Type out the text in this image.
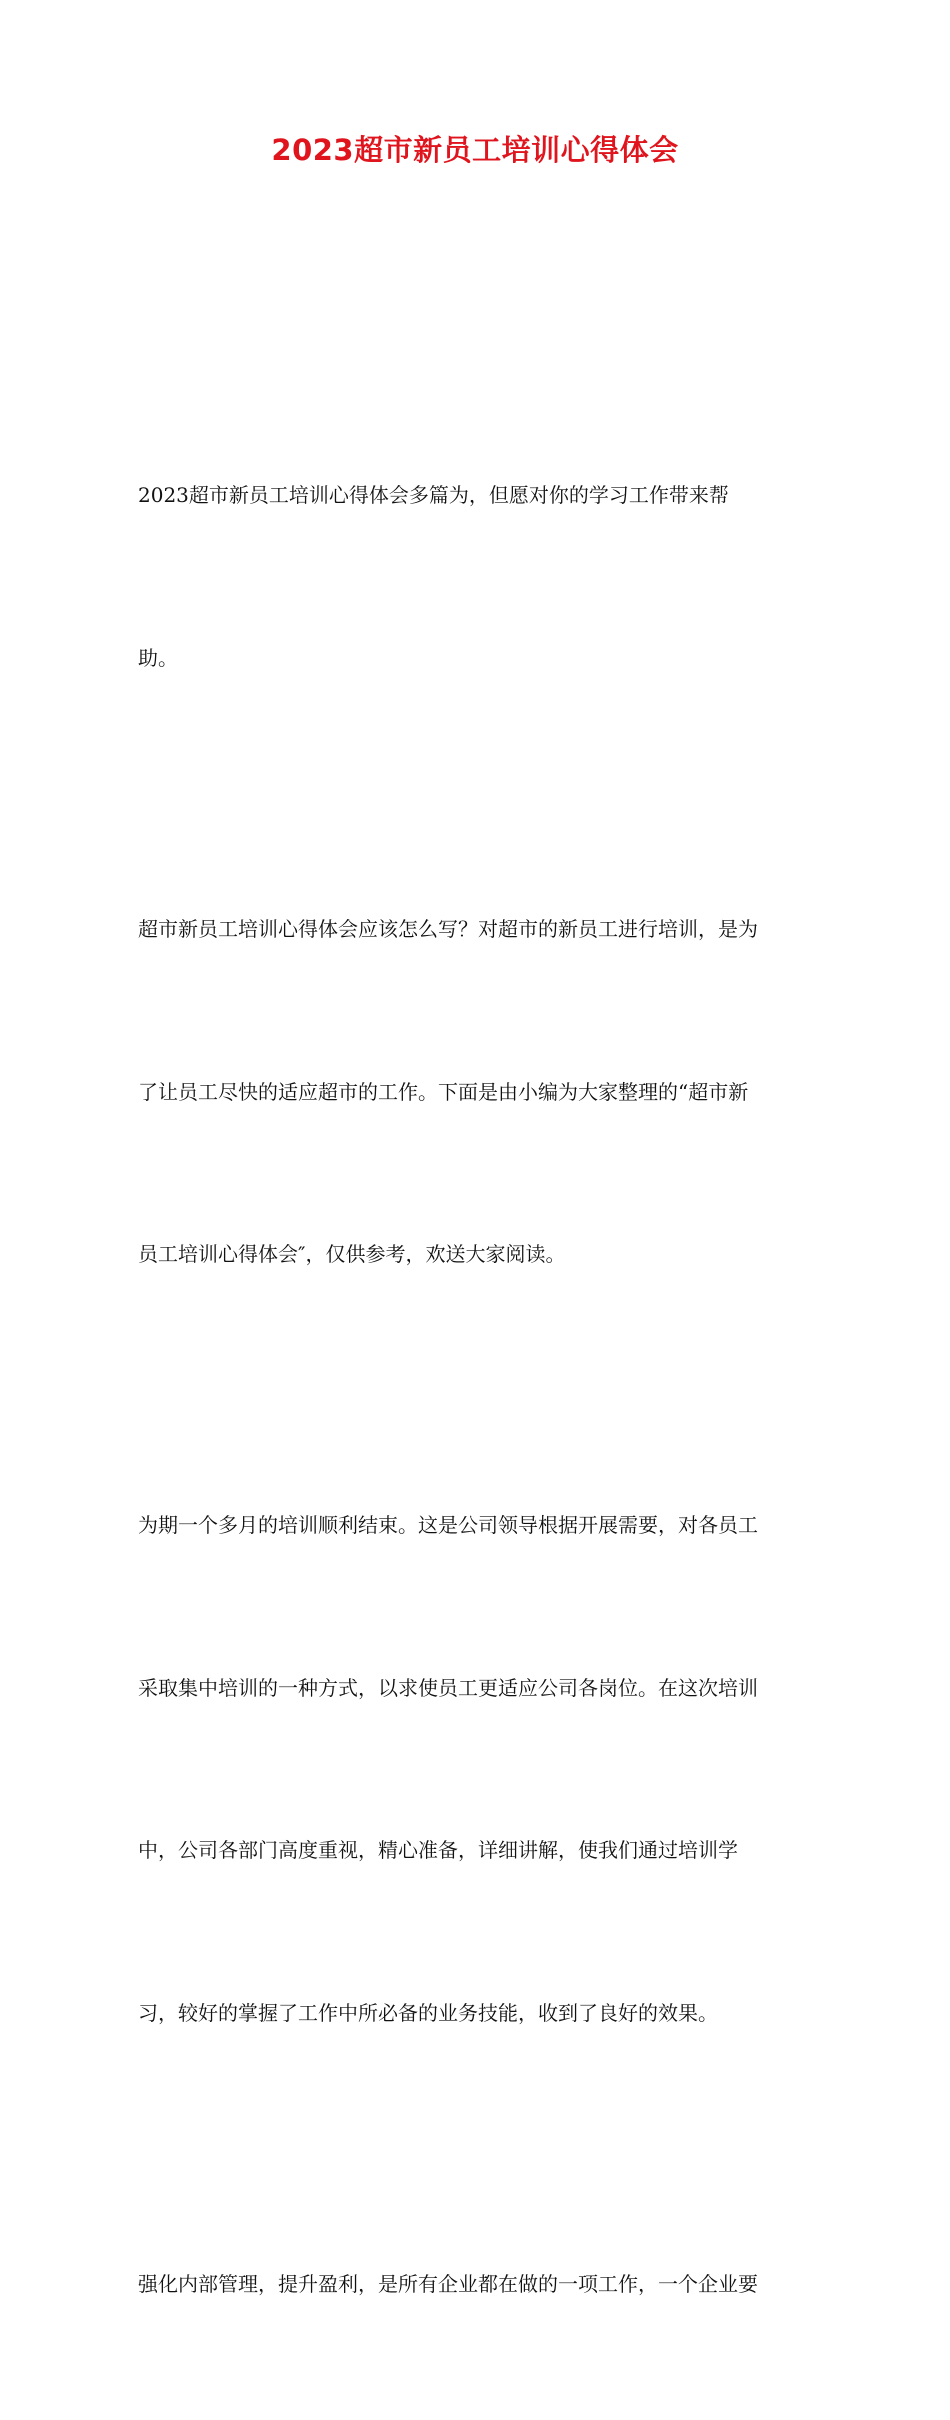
2023超市新员工培训心得体会

2023超市新员工培训心得体会多篇为，但愿对你的学习工作带来帮

助。

超市新员工培训心得体会应该怎么写？对超市的新员工进行培训，是为

了让员工尽快的适应超市的工作。下面是由小编为大家整理的“超市新

员工培训心得体会″，仅供参考，欢送大家阅读。

为期一个多月的培训顺利结束。这是公司领导根据开展需要，对各员工

采取集中培训的一种方式，以求使员工更适应公司各岗位。在这次培训

中，公司各部门高度重视，精心准备，详细讲解，使我们通过培训学

习，较好的掌握了工作中所必备的业务技能，收到了良好的效果。

强化内部管理，提升盈利，是所有企业都在做的一项工作，一个企业要
